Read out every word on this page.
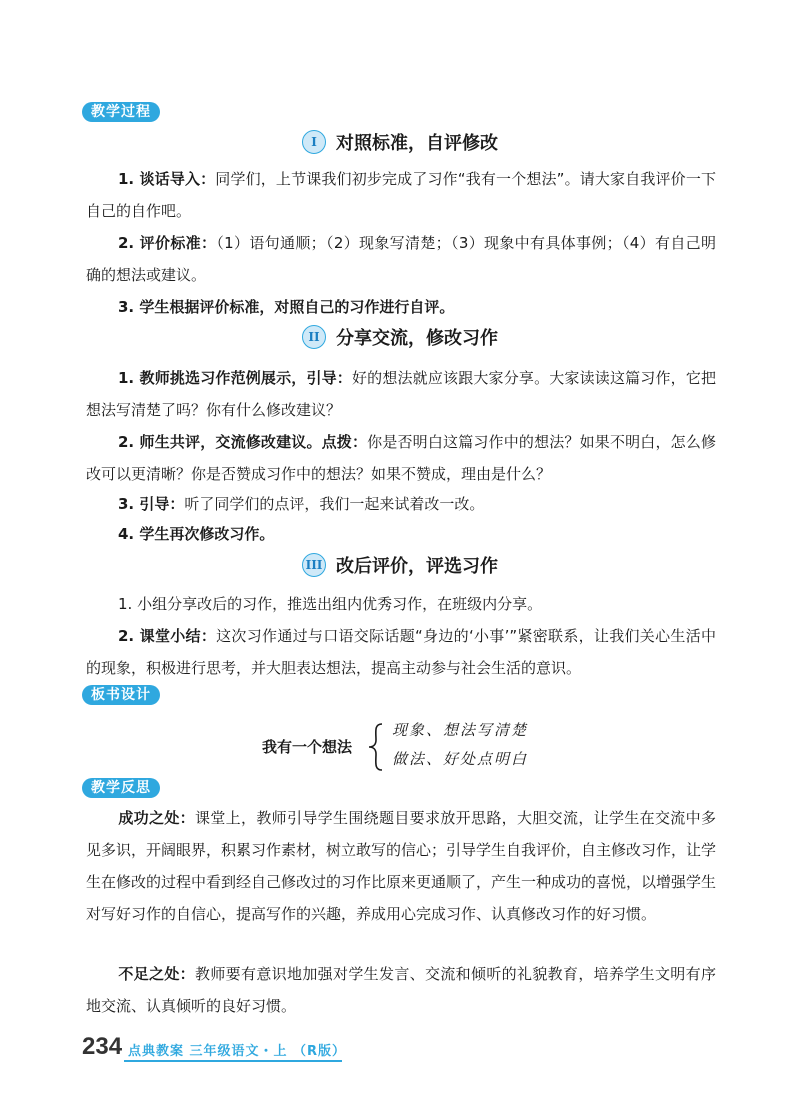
教学过程
I 对照标准，自评修改
1. 谈话导入：同学们，上节课我们初步完成了习作“我有一个想法”。请大家自我评价一下自己的自作吧。
2. 评价标准：（1）语句通顺；（2）现象写清楚；（3）现象中有具体事例；（4）有自己明确的想法或建议。
3. 学生根据评价标准，对照自己的习作进行自评。
II 分享交流，修改习作
1. 教师挑选习作范例展示，引导：好的想法就应该跟大家分享。大家读读这篇习作，它把想法写清楚了吗？你有什么修改建议？
2. 师生共评，交流修改建议。点拨：你是否明白这篇习作中的想法？如果不明白，怎么修改可以更清晰？你是否赞成习作中的想法？如果不赞成，理由是什么？
3. 引导：听了同学们的点评，我们一起来试着改一改。
4. 学生再次修改习作。
III 改后评价，评选习作
1. 小组分享改后的习作，推选出组内优秀习作，在班级内分享。
2. 课堂小结：这次习作通过与口语交际话题“身边的‘小事’”紧密联系，让我们关心生活中的现象，积极进行思考，并大胆表达想法，提高主动参与社会生活的意识。
板书设计
我有一个想法
现象、想法写清楚
做法、好处点明白
教学反思
成功之处：课堂上，教师引导学生围绕题目要求放开思路，大胆交流，让学生在交流中多见多识，开阔眼界，积累习作素材，树立敢写的信心；引导学生自我评价，自主修改习作，让学生在修改的过程中看到经自己修改过的习作比原来更通顺了，产生一种成功的喜悦，以增强学生对写好习作的自信心，提高写作的兴趣，养成用心完成习作、认真修改习作的好习惯。
不足之处：教师要有意识地加强对学生发言、交流和倾听的礼貌教育，培养学生文明有序地交流、认真倾听的良好习惯。
234 点典教案 三年级语文・上 （R版）
